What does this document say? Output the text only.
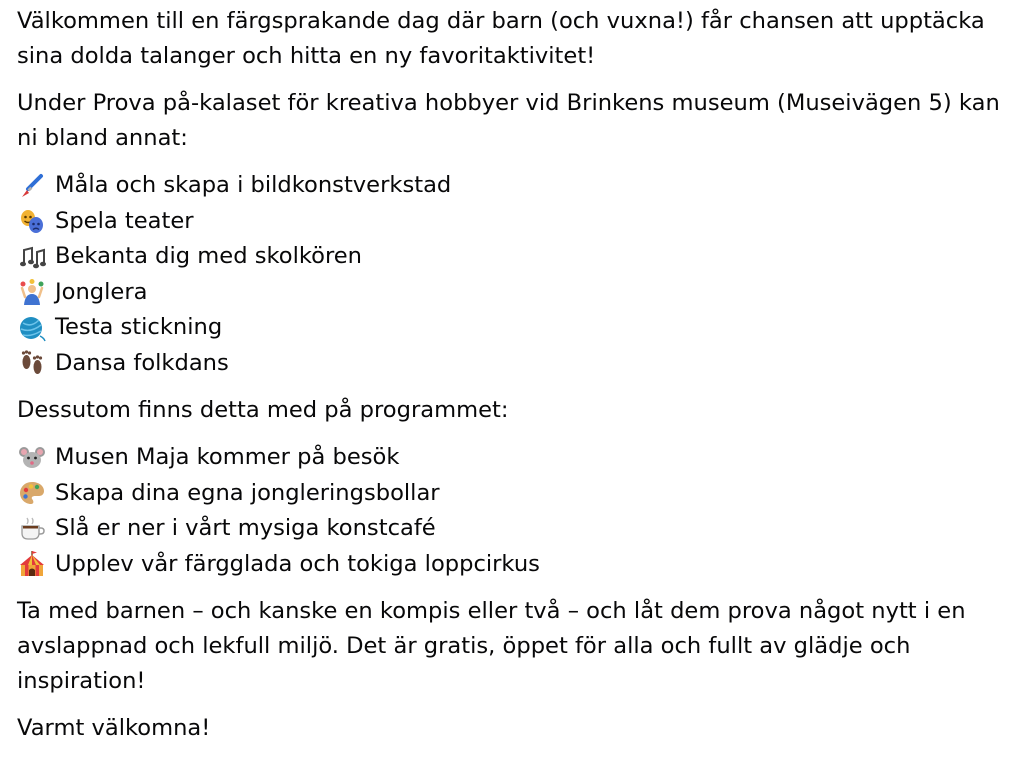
Välkommen till en färgsprakande dag där barn (och vuxna!) får chansen att upptäcka sina dolda talanger och hitta en ny favoritaktivitet!

Under Prova på-kalaset för kreativa hobbyer vid Brinkens museum (Museivägen 5) kan ni bland annat:

Måla och skapa i bildkonstverkstad
Spela teater
Bekanta dig med skolkören
Jonglera
Testa stickning
Dansa folkdans

Dessutom finns detta med på programmet:

Musen Maja kommer på besök
Skapa dina egna jongleringsbollar
Slå er ner i vårt mysiga konstcafé
Upplev vår färgglada och tokiga loppcirkus

Ta med barnen – och kanske en kompis eller två – och låt dem prova något nytt i en avslappnad och lekfull miljö. Det är gratis, öppet för alla och fullt av glädje och inspiration!

Varmt välkomna!
